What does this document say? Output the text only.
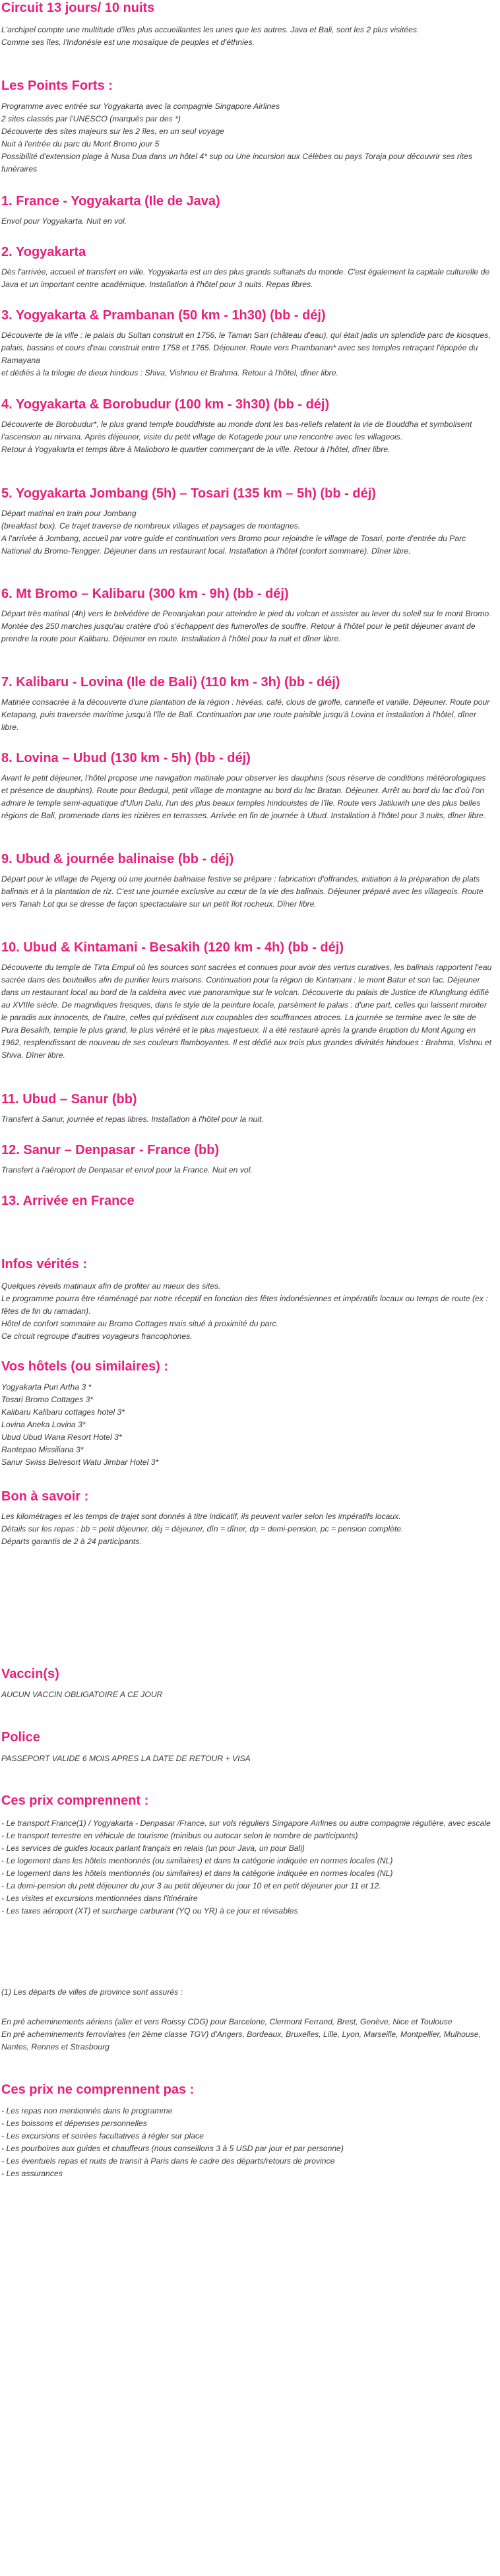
Circuit 13 jours/ 10 nuits
L'archipel compte une multitude d'îles plus accueillantes les unes que les autres. Java et Bali, sont les 2 plus visitées.
Comme ses îles, l'Indonésie est une mosaïque de peuples et d'éthnies.
Les Points Forts :
Programme avec entrée sur Yogyakarta avec la compagnie Singapore Airlines
2 sites classés par l'UNESCO (marqués par des *)
Découverte des sites majeurs sur les 2 îles, en un seul voyage
Nuit à l'entrée du parc du Mont Bromo jour 5
Possibilité d'extension plage à Nusa Dua dans un hôtel 4* sup ou Une incursion aux Célèbes ou pays Toraja pour découvrir ses rites funéraires
1. France - Yogyakarta (Ile de Java)
Envol pour Yogyakarta. Nuit en vol.
2. Yogyakarta
Dès l'arrivée, accueil et transfert en ville. Yogyakarta est un des plus grands sultanats du monde. C'est également la capitale culturelle de Java et un important centre académique. Installation à l'hôtel pour 3 nuits. Repas libres.
3. Yogyakarta & Prambanan (50 km - 1h30) (bb - déj)
Découverte de la ville : le palais du Sultan construit en 1756, le Taman Sari (château d'eau), qui était jadis un splendide parc de kiosques, palais, bassins et cours d'eau construit entre 1758 et 1765. Déjeuner. Route vers Prambanan* avec ses temples retraçant l'épopée du Ramayana
et dédiés à la trilogie de dieux hindous : Shiva, Vishnou et Brahma. Retour à l'hôtel, dîner libre.
4. Yogyakarta & Borobudur (100 km - 3h30) (bb - déj)
Découverte de Borobudur*, le plus grand temple bouddhiste au monde dont les bas-reliefs relatent la vie de Bouddha et symbolisent l'ascension au nirvana. Après déjeuner, visite du petit village de Kotagede pour une rencontre avec les villageois.
Retour à Yogyakarta et temps libre à Malioboro le quartier commerçant de la ville. Retour à l'hôtel, dîner libre.
5. Yogyakarta Jombang (5h) – Tosari (135 km – 5h) (bb - déj)
Départ matinal en train pour Jombang
(breakfast box). Ce trajet traverse de nombreux villages et paysages de montagnes.
A l'arrivée à Jombang, accueil par votre guide et continuation vers Bromo pour rejoindre le village de Tosari, porte d'entrée du Parc National du Bromo-Tengger. Déjeuner dans un restaurant local. Installation à l'hôtel (confort sommaire). Dîner libre.
6. Mt Bromo – Kalibaru (300 km - 9h) (bb - déj)
Départ très matinal (4h) vers le belvédère de Penanjakan pour atteindre le pied du volcan et assister au lever du soleil sur le mont Bromo. Montée des 250 marches jusqu'au cratère d'où s'échappent des fumerolles de souffre. Retour à l'hôtel pour le petit déjeuner avant de prendre la route pour Kalibaru. Déjeuner en route. Installation à l'hôtel pour la nuit et dîner libre.
7. Kalibaru - Lovina (Ile de Bali) (110 km - 3h) (bb - déj)
Matinée consacrée à la découverte d'une plantation de la région : hévéas, café, clous de girofle, cannelle et vanille. Déjeuner. Route pour Ketapang, puis traversée maritime jusqu'à l'île de Bali. Continuation par une route paisible jusqu'à Lovina et installation à l'hôtel, dîner libre.
8. Lovina – Ubud (130 km - 5h) (bb - déj)
Avant le petit déjeuner, l'hôtel propose une navigation matinale pour observer les dauphins (sous réserve de conditions météorologiques et présence de dauphins). Route pour Bedugul, petit village de montagne au bord du lac Bratan. Déjeuner. Arrêt au bord du lac d'où l'on admire le temple semi-aquatique d'Ulun Dalu, l'un des plus beaux temples hindouistes de l'île. Route vers Jatiluwih une des plus belles régions de Bali, promenade dans les rizières en terrasses. Arrivée en fin de journée à Ubud. Installation à l'hôtel pour 3 nuits, dîner libre.
9. Ubud & journée balinaise (bb - déj)
Départ pour le village de Pejeng où une journée balinaise festive se prépare : fabrication d'offrandes, initiation à la préparation de plats balinais et à la plantation de riz. C'est une journée exclusive au cœur de la vie des balinais. Déjeuner préparé avec les villageois. Route vers Tanah Lot qui se dresse de façon spectaculaire sur un petit îlot rocheux. Dîner libre.
10. Ubud & Kintamani - Besakih (120 km - 4h) (bb - déj)
Découverte du temple de Tirta Empul où les sources sont sacrées et connues pour avoir des vertus curatives, les balinais rapportent l'eau sacrée dans des bouteilles afin de purifier leurs maisons. Continuation pour la région de Kintamani : le mont Batur et son lac. Déjeuner dans un restaurant local au bord de la caldeira avec vue panoramique sur le volcan. Découverte du palais de Justice de Klungkung édifié au XVIIIe siècle. De magnifiques fresques, dans le style de la peinture locale, parsèment le palais : d'une part, celles qui laissent miroiter le paradis aux innocents, de l'autre, celles qui prédisent aux coupables des souffrances atroces. La journée se termine avec le site de Pura Besakih, temple le plus grand, le plus vénéré et le plus majestueux. Il a été restauré après la grande éruption du Mont Agung en 1962, resplendissant de nouveau de ses couleurs flamboyantes. Il est dédié aux trois plus grandes divinités hindoues : Brahma, Vishnu et Shiva. Dîner libre.
11. Ubud – Sanur (bb)
Transfert à Sanur, journée et repas libres. Installation à l'hôtel pour la nuit.
12. Sanur – Denpasar - France (bb)
Transfert à l'aéroport de Denpasar et envol pour la France. Nuit en vol.
13. Arrivée en France
Infos vérités :
Quelques réveils matinaux afin de profiter au mieux des sites.
Le programme pourra être réaménagé par notre réceptif en fonction des fêtes indonésiennes et impératifs locaux ou temps de route (ex : fêtes de fin du ramadan).
Hôtel de confort sommaire au Bromo Cottages mais situé à proximité du parc.
Ce circuit regroupe d'autres voyageurs francophones.
Vos hôtels (ou similaires) :
Yogyakarta Puri Artha 3 *
Tosari Bromo Cottages 3*
Kalibaru Kalibaru cottages hotel 3*
Lovina Aneka Lovina 3*
Ubud Ubud Wana Resort Hotel 3*
Rantepao Missiliana 3*
Sanur Swiss Belresort Watu Jimbar Hotel 3*
Bon à savoir :
Les kilométrages et les temps de trajet sont donnés à titre indicatif, ils peuvent varier selon les impératifs locaux.
Détails sur les repas : bb = petit déjeuner, déj = déjeuner, dîn = dîner, dp = demi-pension, pc = pension complète.
Départs garantis de 2 à 24 participants.
Vaccin(s)

AUCUN VACCIN OBLIGATOIRE A CE JOUR

Police

PASSEPORT VALIDE 6 MOIS APRES LA DATE DE RETOUR + VISA

Ces prix comprennent :
- Le transport France(1) / Yogyakarta - Denpasar /France, sur vols réguliers Singapore Airlines ou autre compagnie régulière, avec escale
- Le transport terrestre en véhicule de tourisme (minibus ou autocar selon le nombre de participants)
- Les services de guides locaux parlant français en relais (un pour Java, un pour Bali)
- Le logement dans les hôtels mentionnés (ou similaires) et dans la catégorie indiquée en normes locales (NL)
- Le logement dans les hôtels mentionnés (ou similaires) et dans la catégorie indiquée en normes locales (NL)
- La demi-pension du petit déjeuner du jour 3 au petit déjeuner du jour 10 et en petit déjeuner jour 11 et 12.
- Les visites et excursions mentionnées dans l'itinéraire
- Les taxes aéroport (XT) et surcharge carburant (YQ ou YR) à ce jour et révisables

(1) Les départs de villes de province sont assurés :

En pré acheminements aériens (aller et vers Roissy CDG) pour Barcelone, Clermont Ferrand, Brest, Genève, Nice et Toulouse
En pré acheminements ferroviaires (en 2ème classe TGV) d'Angers, Bordeaux, Bruxelles, Lille, Lyon, Marseille, Montpellier, Mulhouse, Nantes, Rennes et Strasbourg
Ces prix ne comprennent pas :
- Les repas non mentionnés dans le programme
- Les boissons et dépenses personnelles
- Les excursions et soirées facultatives à régler sur place
- Les pourboires aux guides et chauffeurs (nous conseillons 3 à 5 USD par jour et par personne)
- Les éventuels repas et nuits de transit à Paris dans le cadre des départs/retours de province
- Les assurances
